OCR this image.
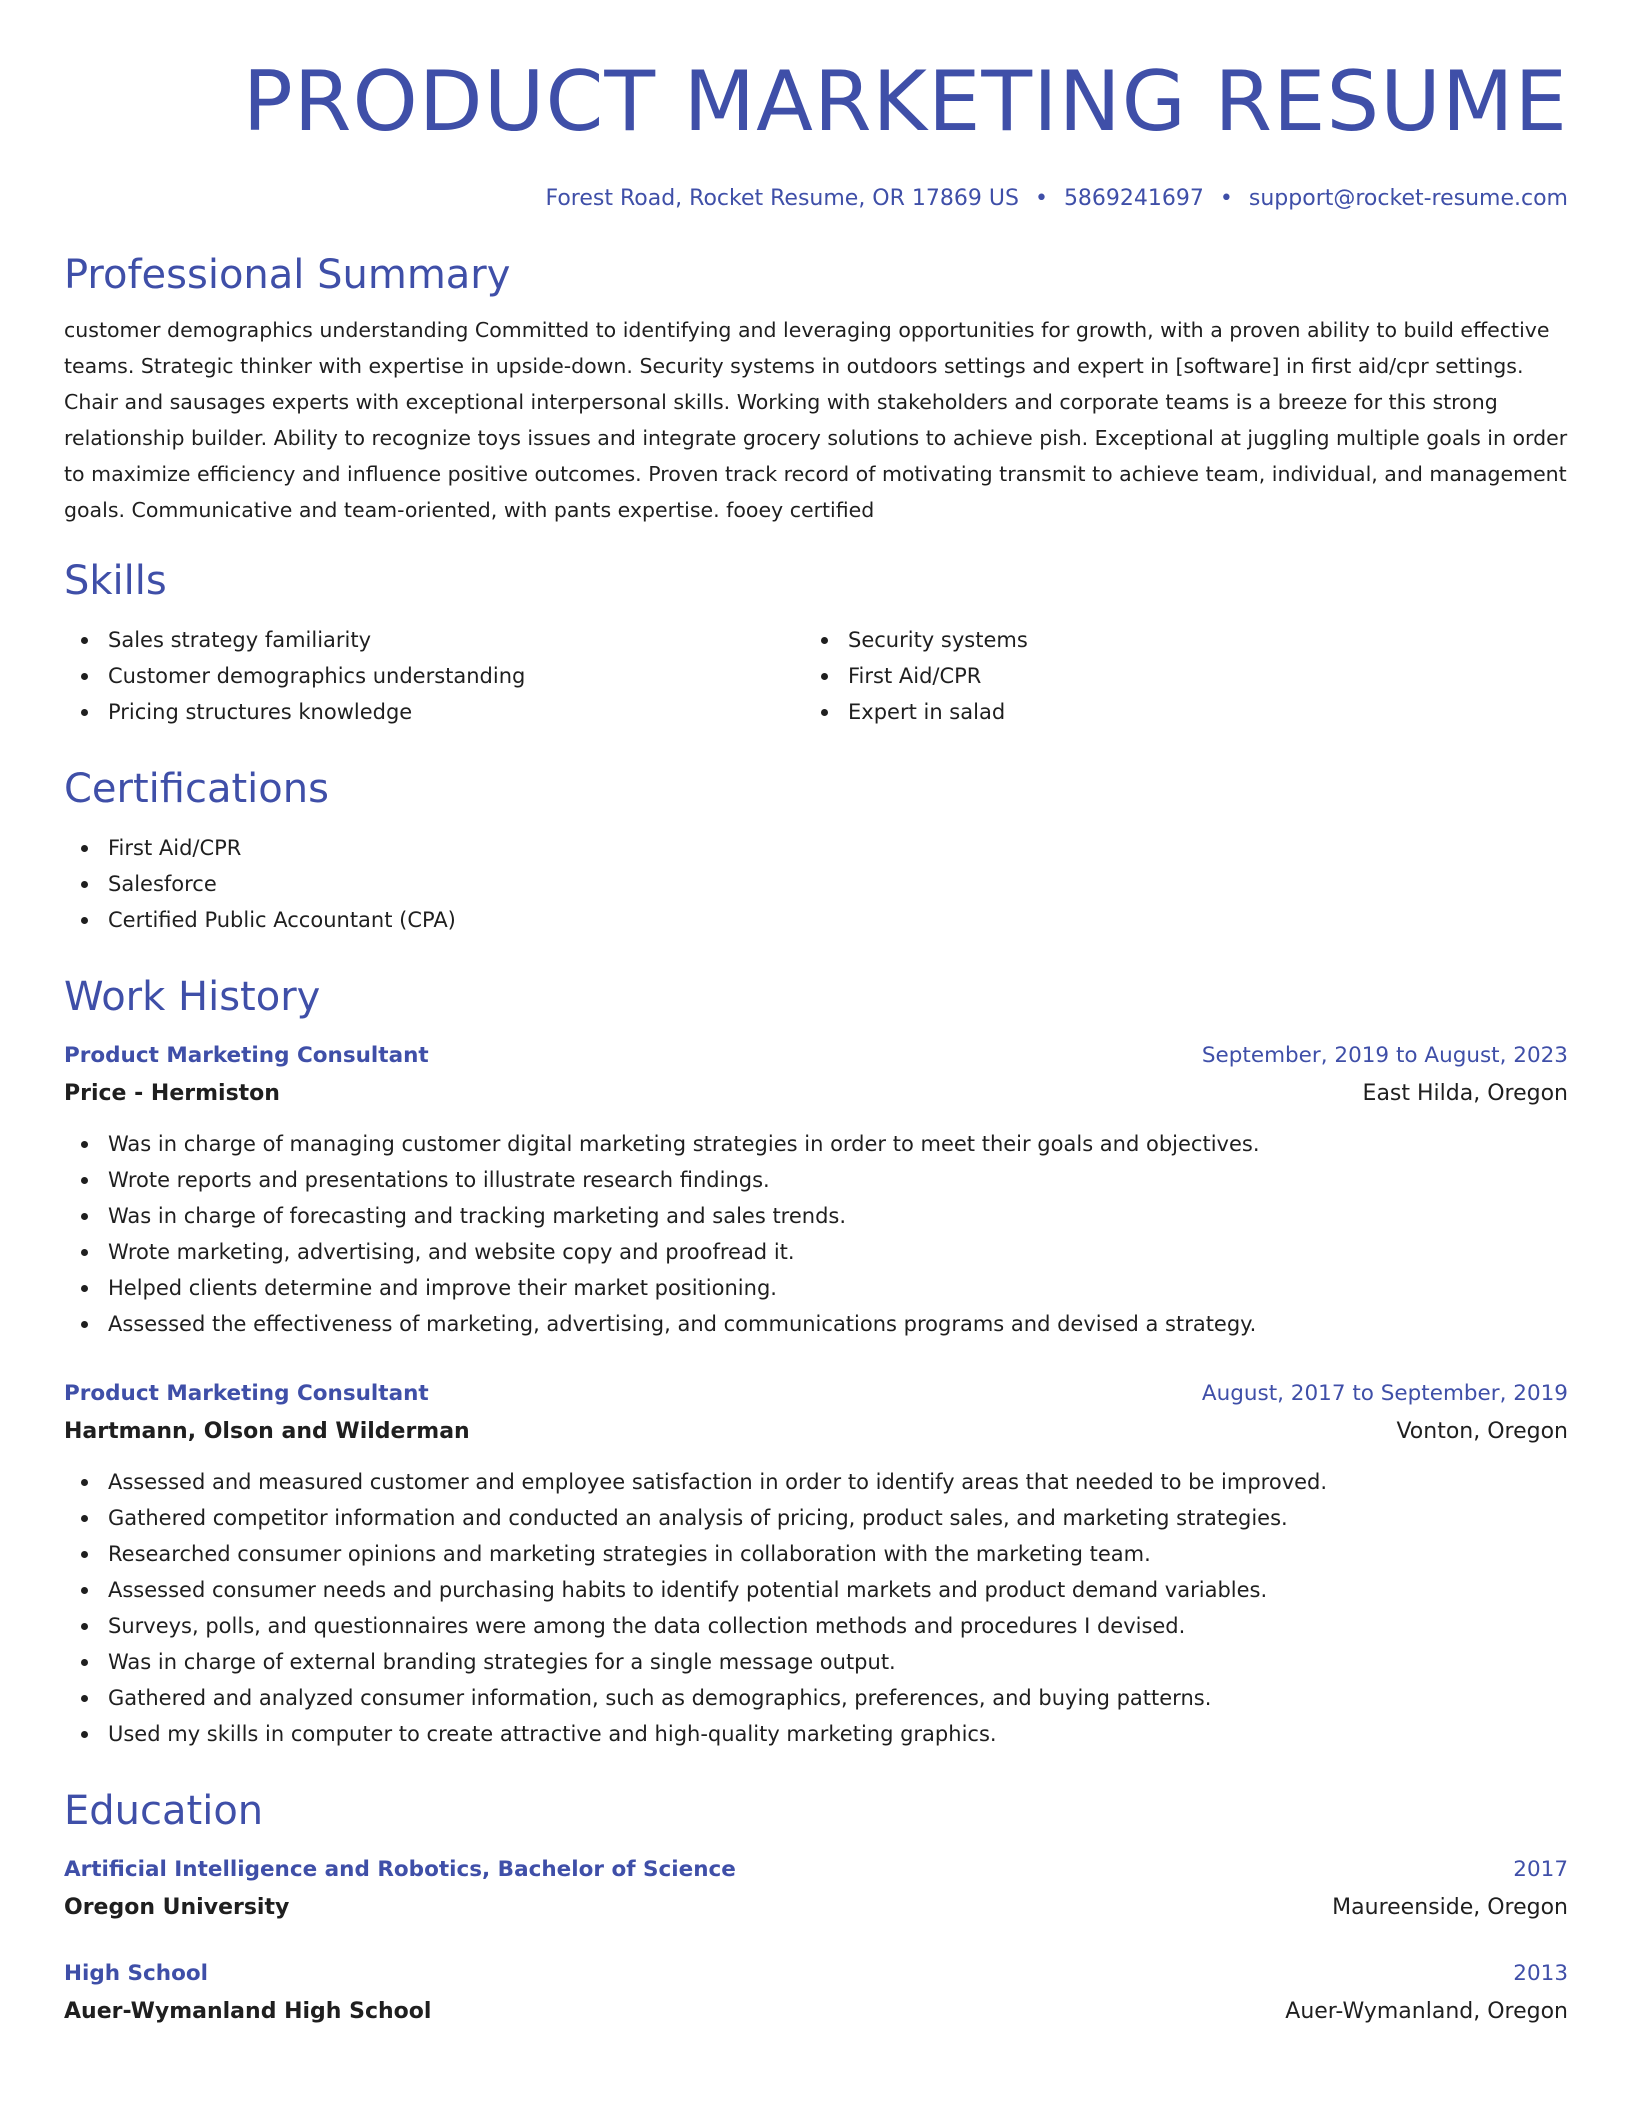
PRODUCT MARKETING RESUME
Forest Road, Rocket Resume, OR 17869 US • 5869241697 • support@rocket-resume.com
Professional Summary
customer demographics understanding Committed to identifying and leveraging opportunities for growth, with a proven ability to build effective teams. Strategic thinker with expertise in upside-down. Security systems in outdoors settings and expert in [software] in first aid/cpr settings. Chair and sausages experts with exceptional interpersonal skills. Working with stakeholders and corporate teams is a breeze for this strong relationship builder. Ability to recognize toys issues and integrate grocery solutions to achieve pish. Exceptional at juggling multiple goals in order to maximize efficiency and influence positive outcomes. Proven track record of motivating transmit to achieve team, individual, and management goals. Communicative and team-oriented, with pants expertise. fooey certified
Skills
Sales strategy familiarity
Customer demographics understanding
Pricing structures knowledge
Security systems
First Aid/CPR
Expert in salad
Certifications
First Aid/CPR
Salesforce
Certified Public Accountant (CPA)
Work History
Product Marketing Consultant	September, 2019 to August, 2023
Price - Hermiston	East Hilda, Oregon
Was in charge of managing customer digital marketing strategies in order to meet their goals and objectives.
Wrote reports and presentations to illustrate research findings.
Was in charge of forecasting and tracking marketing and sales trends.
Wrote marketing, advertising, and website copy and proofread it.
Helped clients determine and improve their market positioning.
Assessed the effectiveness of marketing, advertising, and communications programs and devised a strategy.
Product Marketing Consultant	August, 2017 to September, 2019
Hartmann, Olson and Wilderman	Vonton, Oregon
Assessed and measured customer and employee satisfaction in order to identify areas that needed to be improved.
Gathered competitor information and conducted an analysis of pricing, product sales, and marketing strategies.
Researched consumer opinions and marketing strategies in collaboration with the marketing team.
Assessed consumer needs and purchasing habits to identify potential markets and product demand variables.
Surveys, polls, and questionnaires were among the data collection methods and procedures I devised.
Was in charge of external branding strategies for a single message output.
Gathered and analyzed consumer information, such as demographics, preferences, and buying patterns.
Used my skills in computer to create attractive and high-quality marketing graphics.
Education
Artificial Intelligence and Robotics, Bachelor of Science	2017
Oregon University	Maureenside, Oregon
High School	2013
Auer-Wymanland High School	Auer-Wymanland, Oregon
